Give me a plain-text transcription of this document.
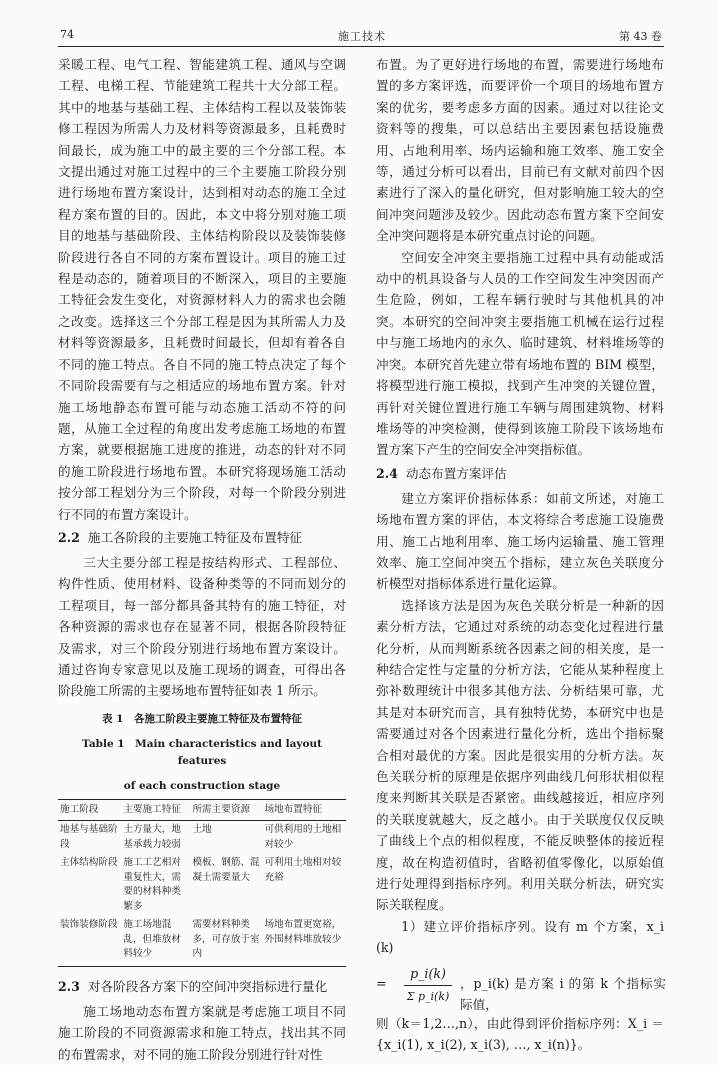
74	施工技术	第 43 卷

采暖工程、电气工程、智能建筑工程、通风与空调工程、电梯工程、节能建筑工程共十大分部工程。其中的地基与基础工程、主体结构工程以及装饰装修工程因为所需人力及材料等资源最多，且耗费时间最长，成为施工中的最主要的三个分部工程。本文提出通过对施工过程中的三个主要施工阶段分别进行场地布置方案设计，达到相对动态的施工全过程方案布置的目的。因此，本文中将分别对施工项目的地基与基础阶段、主体结构阶段以及装饰装修阶段进行各自不同的方案布置设计。项目的施工过程是动态的，随着项目的不断深入，项目的主要施工特征会发生变化，对资源材料人力的需求也会随之改变。选择这三个分部工程是因为其所需人力及材料等资源最多，且耗费时间最长，但却有着各自不同的施工特点。各自不同的施工特点决定了每个不同阶段需要有与之相适应的场地布置方案。针对施工场地静态布置可能与动态施工活动不符的问题，从施工全过程的角度出发考虑施工场地的布置方案，就要根据施工进度的推进，动态的针对不同的施工阶段进行场地布置。本研究将现场施工活动按分部工程划分为三个阶段，对每一个阶段分别进行不同的布置方案设计。

2.2 施工各阶段的主要施工特征及布置特征

三大主要分部工程是按结构形式、工程部位、构件性质、使用材料、设备种类等的不同而划分的工程项目，每一部分都具备其特有的施工特征，对各种资源的需求也存在显著不同，根据各阶段特征及需求，对三个阶段分别进行场地布置方案设计。通过咨询专家意见以及施工现场的调查，可得出各阶段施工所需的主要场地布置特征如表 1 所示。

表 1　各施工阶段主要施工特征及布置特征
Table 1　Main characteristics and layout features
of each construction stage
施工阶段	主要施工特征	所需主要资源	场地布置特征
地基与基础阶段	土方量大，地基承载力较弱	土地	可供利用的土地相对较少
主体结构阶段	施工工艺相对重复性大，需要的材料种类繁多	模板、钢筋、混凝土需要量大	可利用土地相对较充裕
装饰装修阶段	施工场地混乱，但堆放材料较少	需要材料种类多，可存放于室内	场地布置更宽裕，外围材料堆放较少
2.3 对各阶段各方案下的空间冲突指标进行量化

施工场地动态布置方案就是考虑施工项目不同施工阶段的不同资源需求和施工特点，找出其不同的布置需求，对不同的施工阶段分别进行针对性

布置。为了更好进行场地的布置，需要进行场地布置的多方案评选，而要评价一个项目的场地布置方案的优劣，要考虑多方面的因素。通过对以往论文资料等的搜集，可以总结出主要因素包括设施费用、占地利用率、场内运输和施工效率、施工安全等，通过分析可以看出，目前已有文献对前四个因素进行了深入的量化研究，但对影响施工较大的空间冲突问题涉及较少。因此动态布置方案下空间安全冲突问题将是本研究重点讨论的问题。

空间安全冲突主要指施工过程中具有动能或活动中的机具设备与人员的工作空间发生冲突因而产生危险，例如，工程车辆行驶时与其他机具的冲突。本研究的空间冲突主要指施工机械在运行过程中与施工场地内的永久、临时建筑、材料堆场等的冲突。本研究首先建立带有场地布置的 BIM 模型，将模型进行施工模拟，找到产生冲突的关键位置，再针对关键位置进行施工车辆与周围建筑物、材料堆场等的冲突检测，使得到该施工阶段下该场地布置方案下产生的空间安全冲突指标值。

2.4 动态布置方案评估

建立方案评价指标体系：如前文所述，对施工场地布置方案的评估，本文将综合考虑施工设施费用、施工占地利用率、施工场内运输量、施工管理效率、施工空间冲突五个指标，建立灰色关联度分析模型对指标体系进行量化运算。

选择该方法是因为灰色关联分析是一种新的因素分析方法，它通过对系统的动态变化过程进行量化分析，从而判断系统各因素之间的相关度，是一种结合定性与定量的分析方法，它能从某种程度上弥补数理统计中很多其他方法、分析结果可靠，尤其是对本研究而言，具有独特优势，本研究中也是需要通过对各个因素进行量化分析，选出个指标聚合相对最优的方案。因此是很实用的分析方法。灰色关联分析的原理是依据序列曲线几何形状相似程度来判断其关联是否紧密。曲线越接近，相应序列的关联度就越大，反之越小。由于关联度仅仅反映了曲线上个点的相似程度，不能反映整体的接近程度，故在构造初值时，省略初值零像化，以原始值进行处理得到指标序列。利用关联分析法，研究实际关联程度。

1）建立评价指标序列。设有 m 个方案，x_i(k)

= $\frac{p\_i(k)}{\text{Σ p\_i(k)}}$ ，p_i(k) 是方案 i 的第 k 个指标实际值，

则（k＝1,2…,n），由此得到评价指标序列：X_i ＝ {x_i(1), x_i(2), x_i(3), …, x_i(n)}。
